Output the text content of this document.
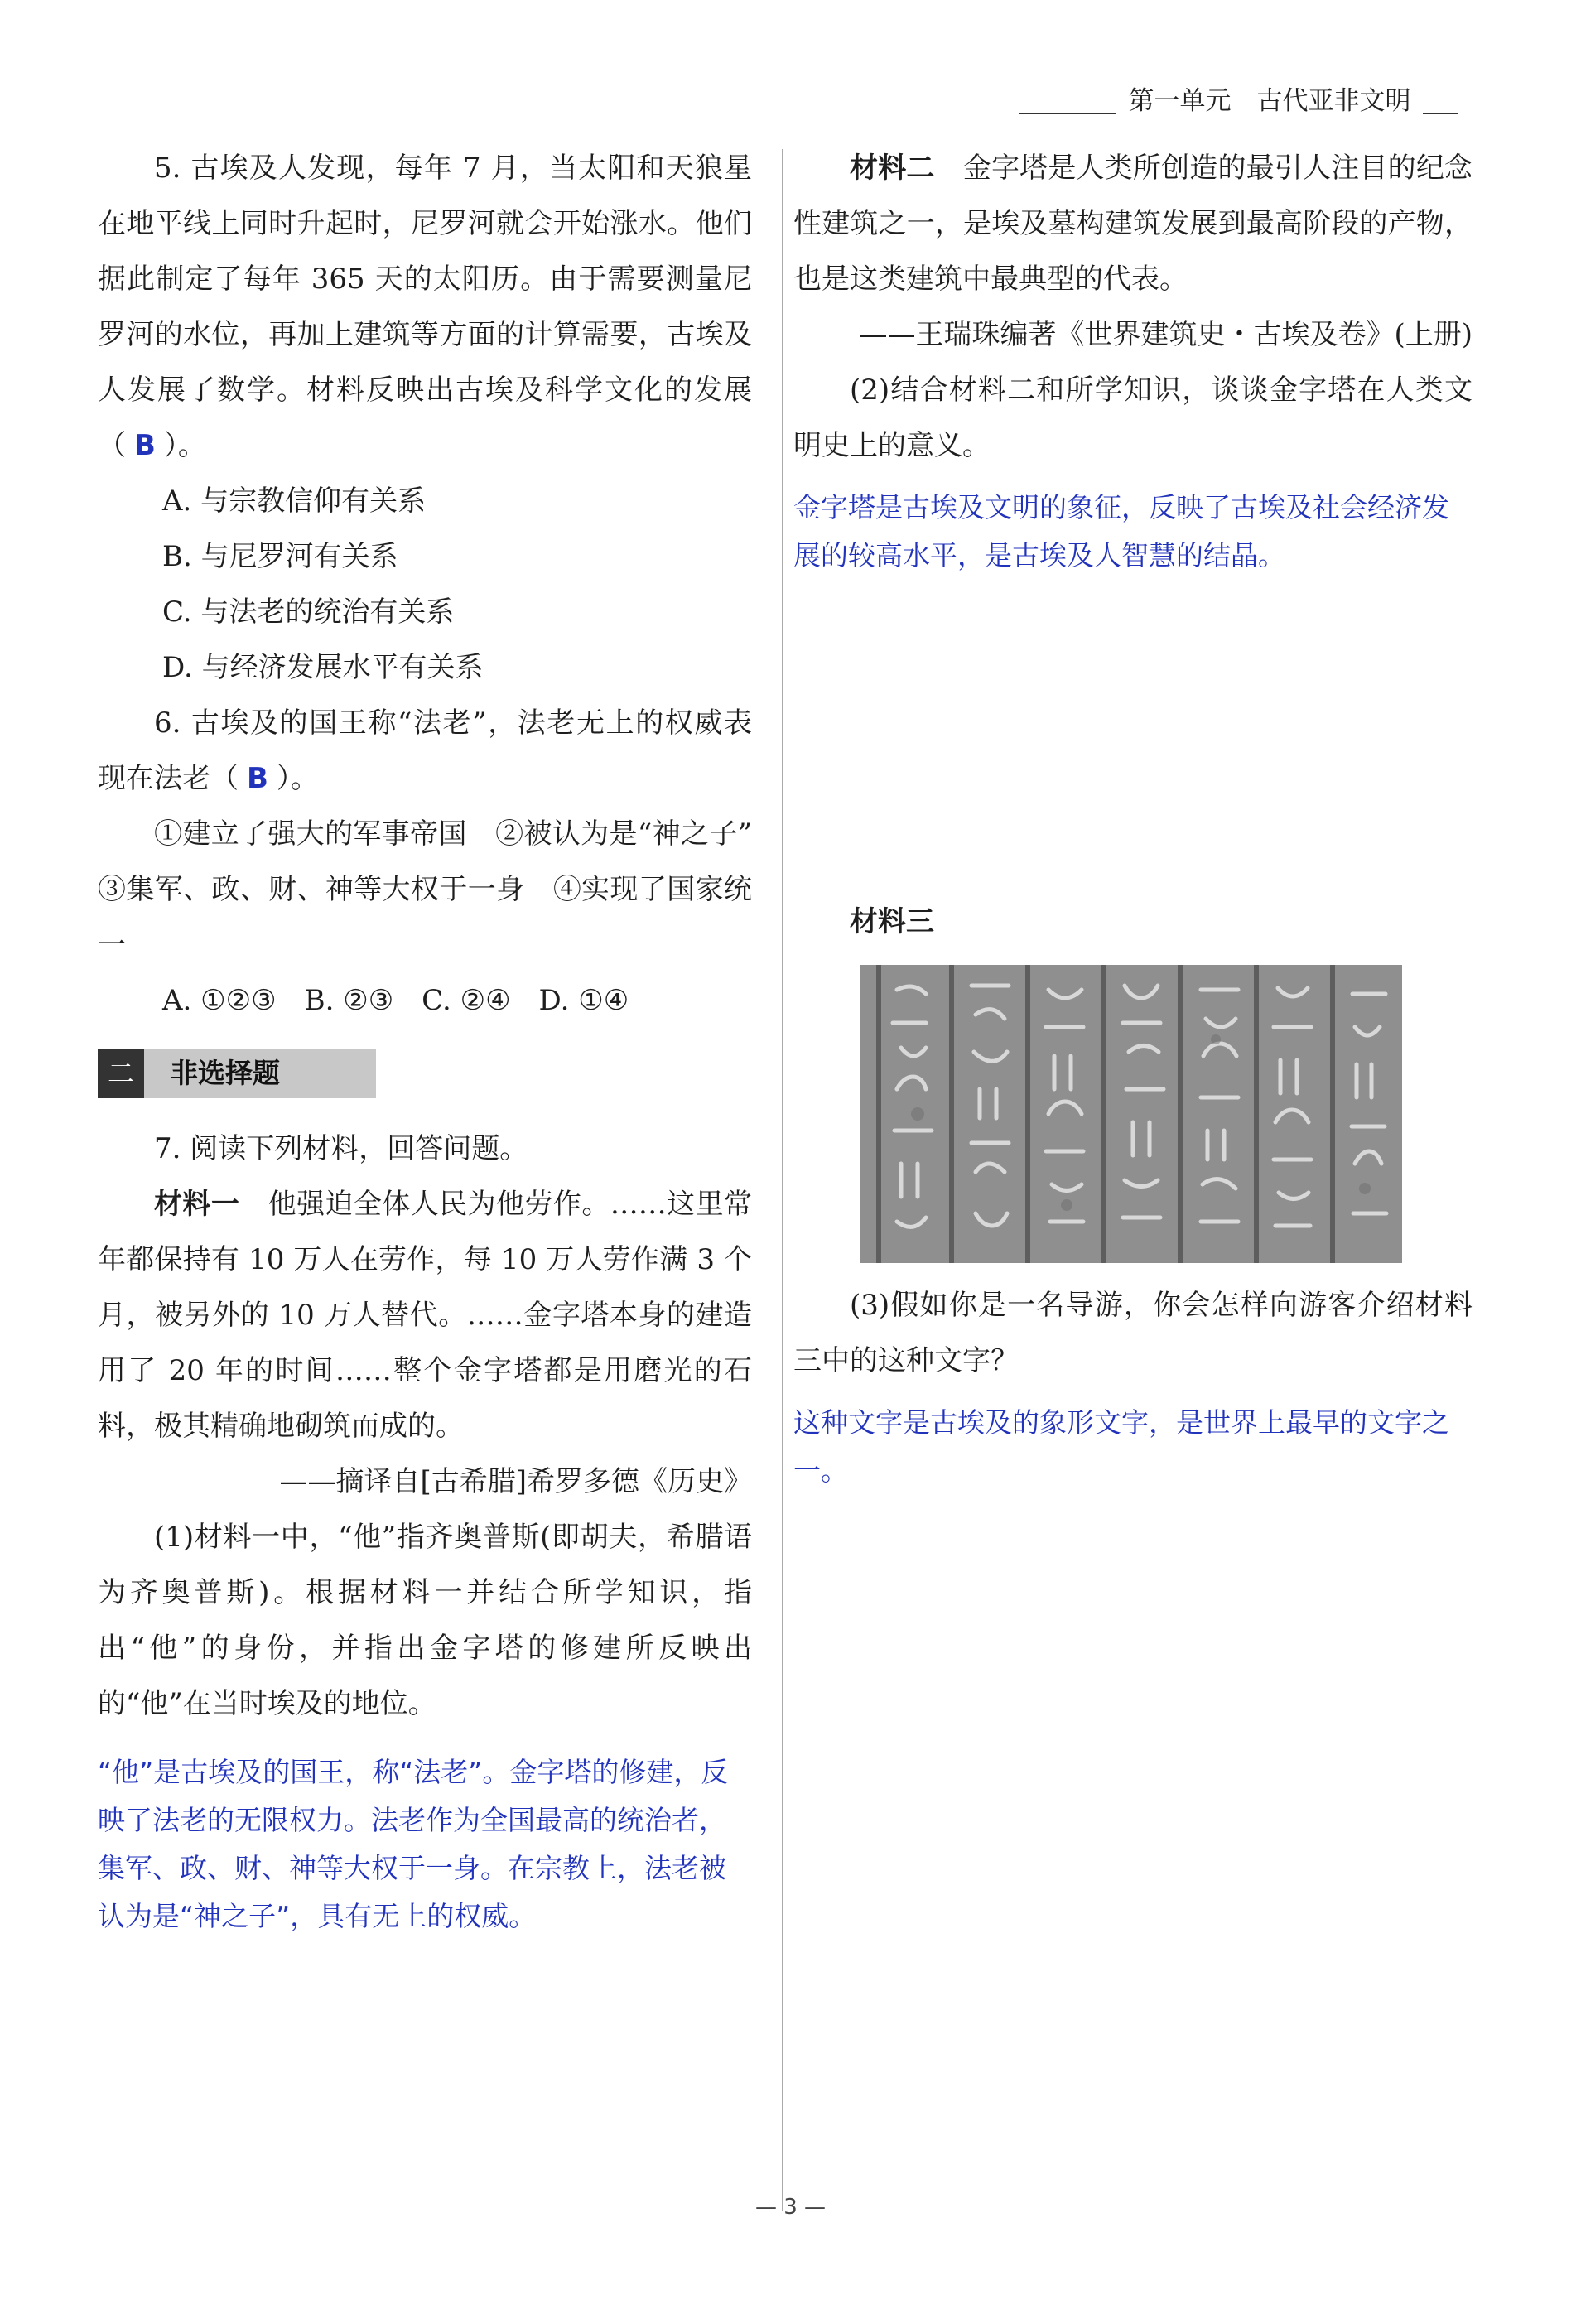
第一单元　古代亚非文明

5. 古埃及人发现，每年 7 月，当太阳和天狼星在地平线上同时升起时，尼罗河就会开始涨水。他们据此制定了每年 365 天的太阳历。由于需要测量尼罗河的水位，再加上建筑等方面的计算需要，古埃及人发展了数学。材料反映出古埃及科学文化的发展（ B ）。

A. 与宗教信仰有关系

B. 与尼罗河有关系

C. 与法老的统治有关系

D. 与经济发展水平有关系

6. 古埃及的国王称“法老”，法老无上的权威表现在法老（ B ）。

①建立了强大的军事帝国　②被认为是“神之子”　③集军、政、财、神等大权于一身　④实现了国家统一

A. ①②③　B. ②③　C. ②④　D. ①④

二	非选择题

7. 阅读下列材料，回答问题。

材料一　 他强迫全体人民为他劳作。……这里常年都保持有 10 万人在劳作，每 10 万人劳作满 3 个月，被另外的 10 万人替代。……金字塔本身的建造用了 20 年的时间……整个金字塔都是用磨光的石料，极其精确地砌筑而成的。

——摘译自[古希腊]希罗多德《历史》

(1)材料一中，“他”指齐奥普斯(即胡夫，希腊语为齐奥普斯)。根据材料一并结合所学知识，指出“他”的身份，并指出金字塔的修建所反映出的“他”在当时埃及的地位。

“他”是古埃及的国王，称“法老”。金字塔的修建，反映了法老的无限权力。法老作为全国最高的统治者，集军、政、财、神等大权于一身。在宗教上，法老被认为是“神之子”，具有无上的权威。

材料二　 金字塔是人类所创造的最引人注目的纪念性建筑之一，是埃及墓构建筑发展到最高阶段的产物，也是这类建筑中最典型的代表。

——王瑞珠编著《世界建筑史・古埃及卷》(上册)

(2)结合材料二和所学知识，谈谈金字塔在人类文明史上的意义。

金字塔是古埃及文明的象征，反映了古埃及社会经济发展的较高水平，是古埃及人智慧的结晶。

材料三

(3)假如你是一名导游，你会怎样向游客介绍材料三中的这种文字？

这种文字是古埃及的象形文字，是世界上最早的文字之一。

— 3 —
